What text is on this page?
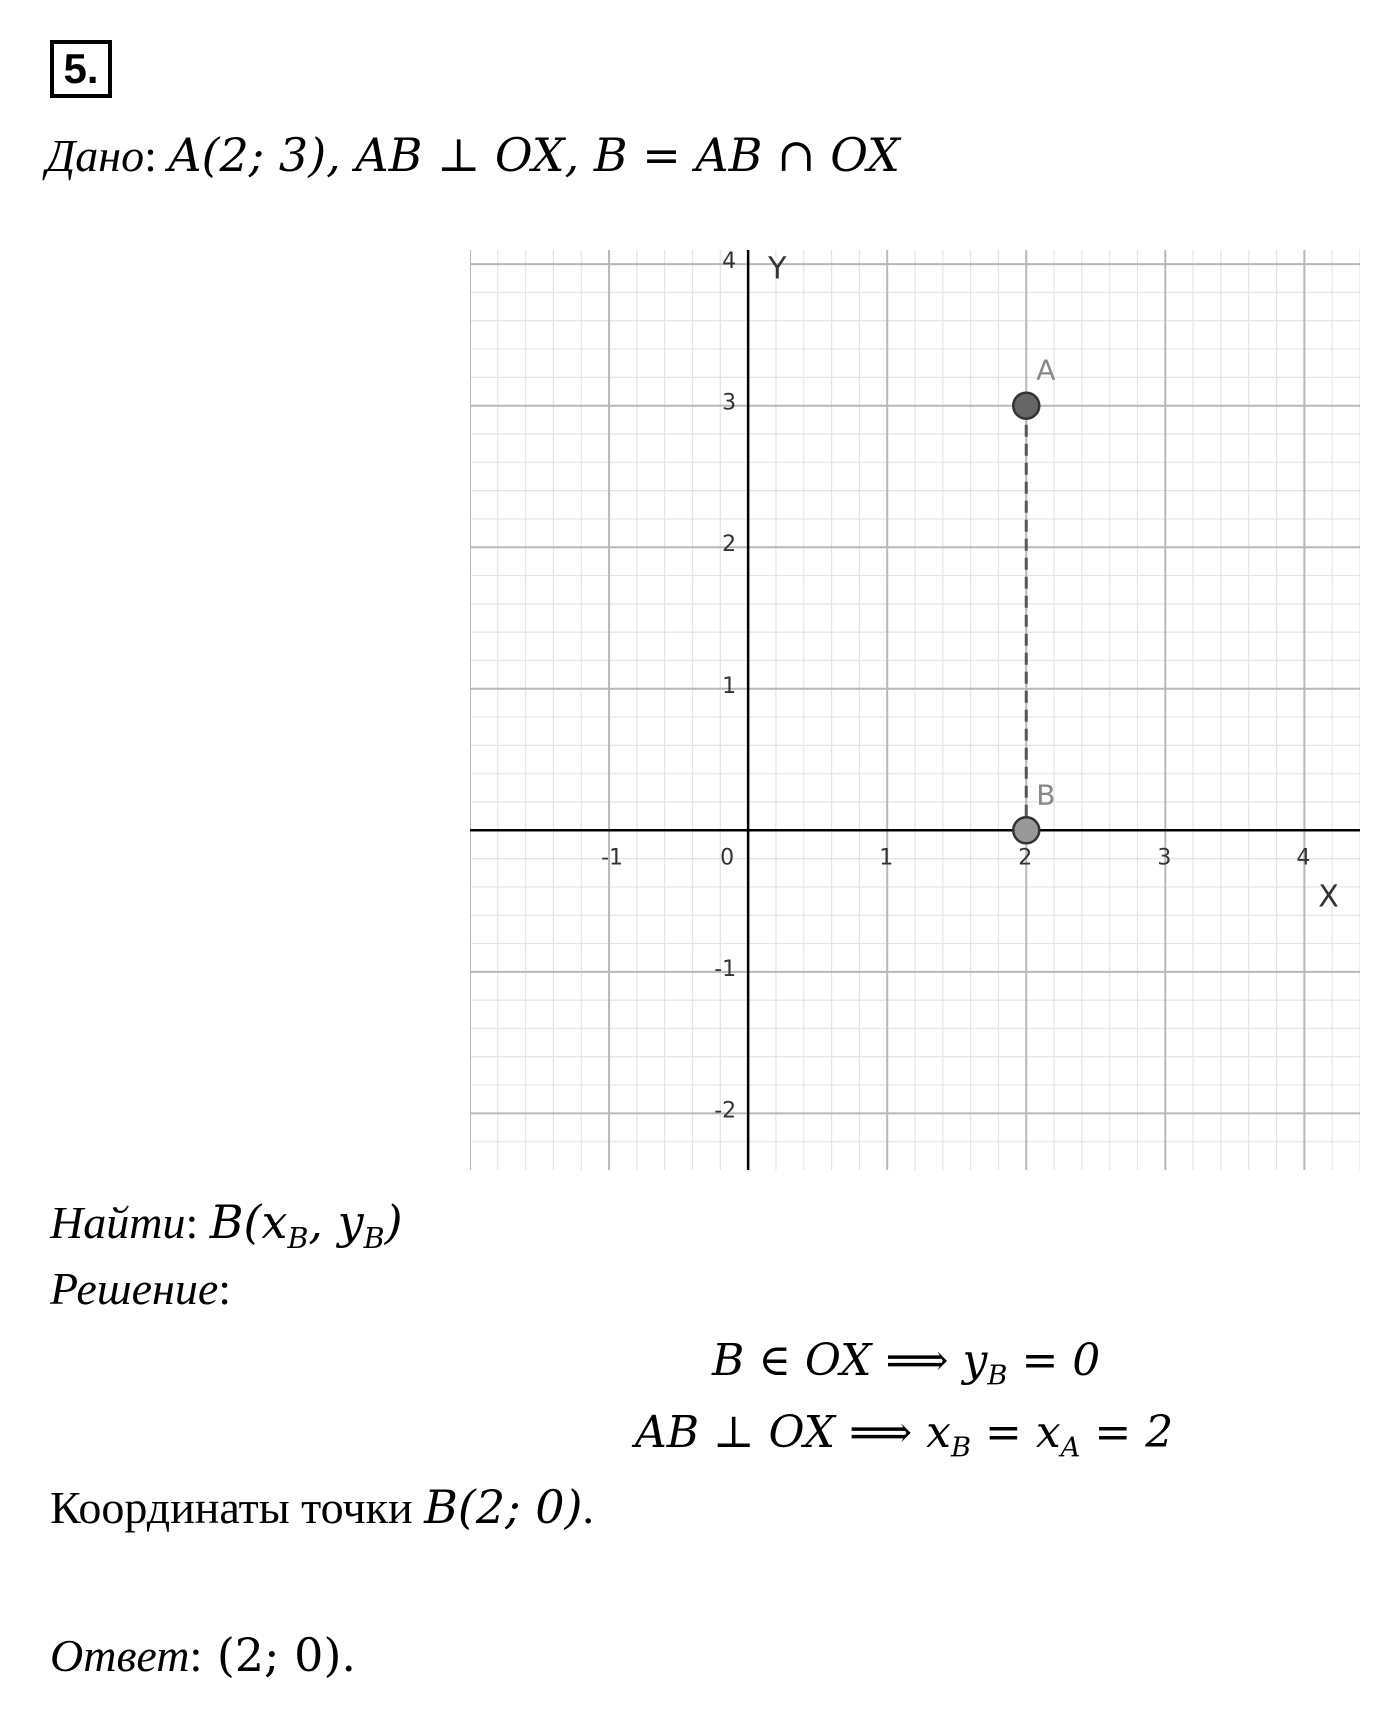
5.
Дано: A(2; 3), AB ⊥ OX, B = AB ∩ OX
-1	0	1	2	3	4
4
3
2
1
-1
-2
X
Y
A
B
Найти: $B(x_B$, $y_B$)
Решение:
B ∈ OX ⟹ $y_B = 0$
AB ⊥ OX ⟹ $x_B = x_A = 2$
Координаты точки B(2; 0).
Ответ: (2; 0).
